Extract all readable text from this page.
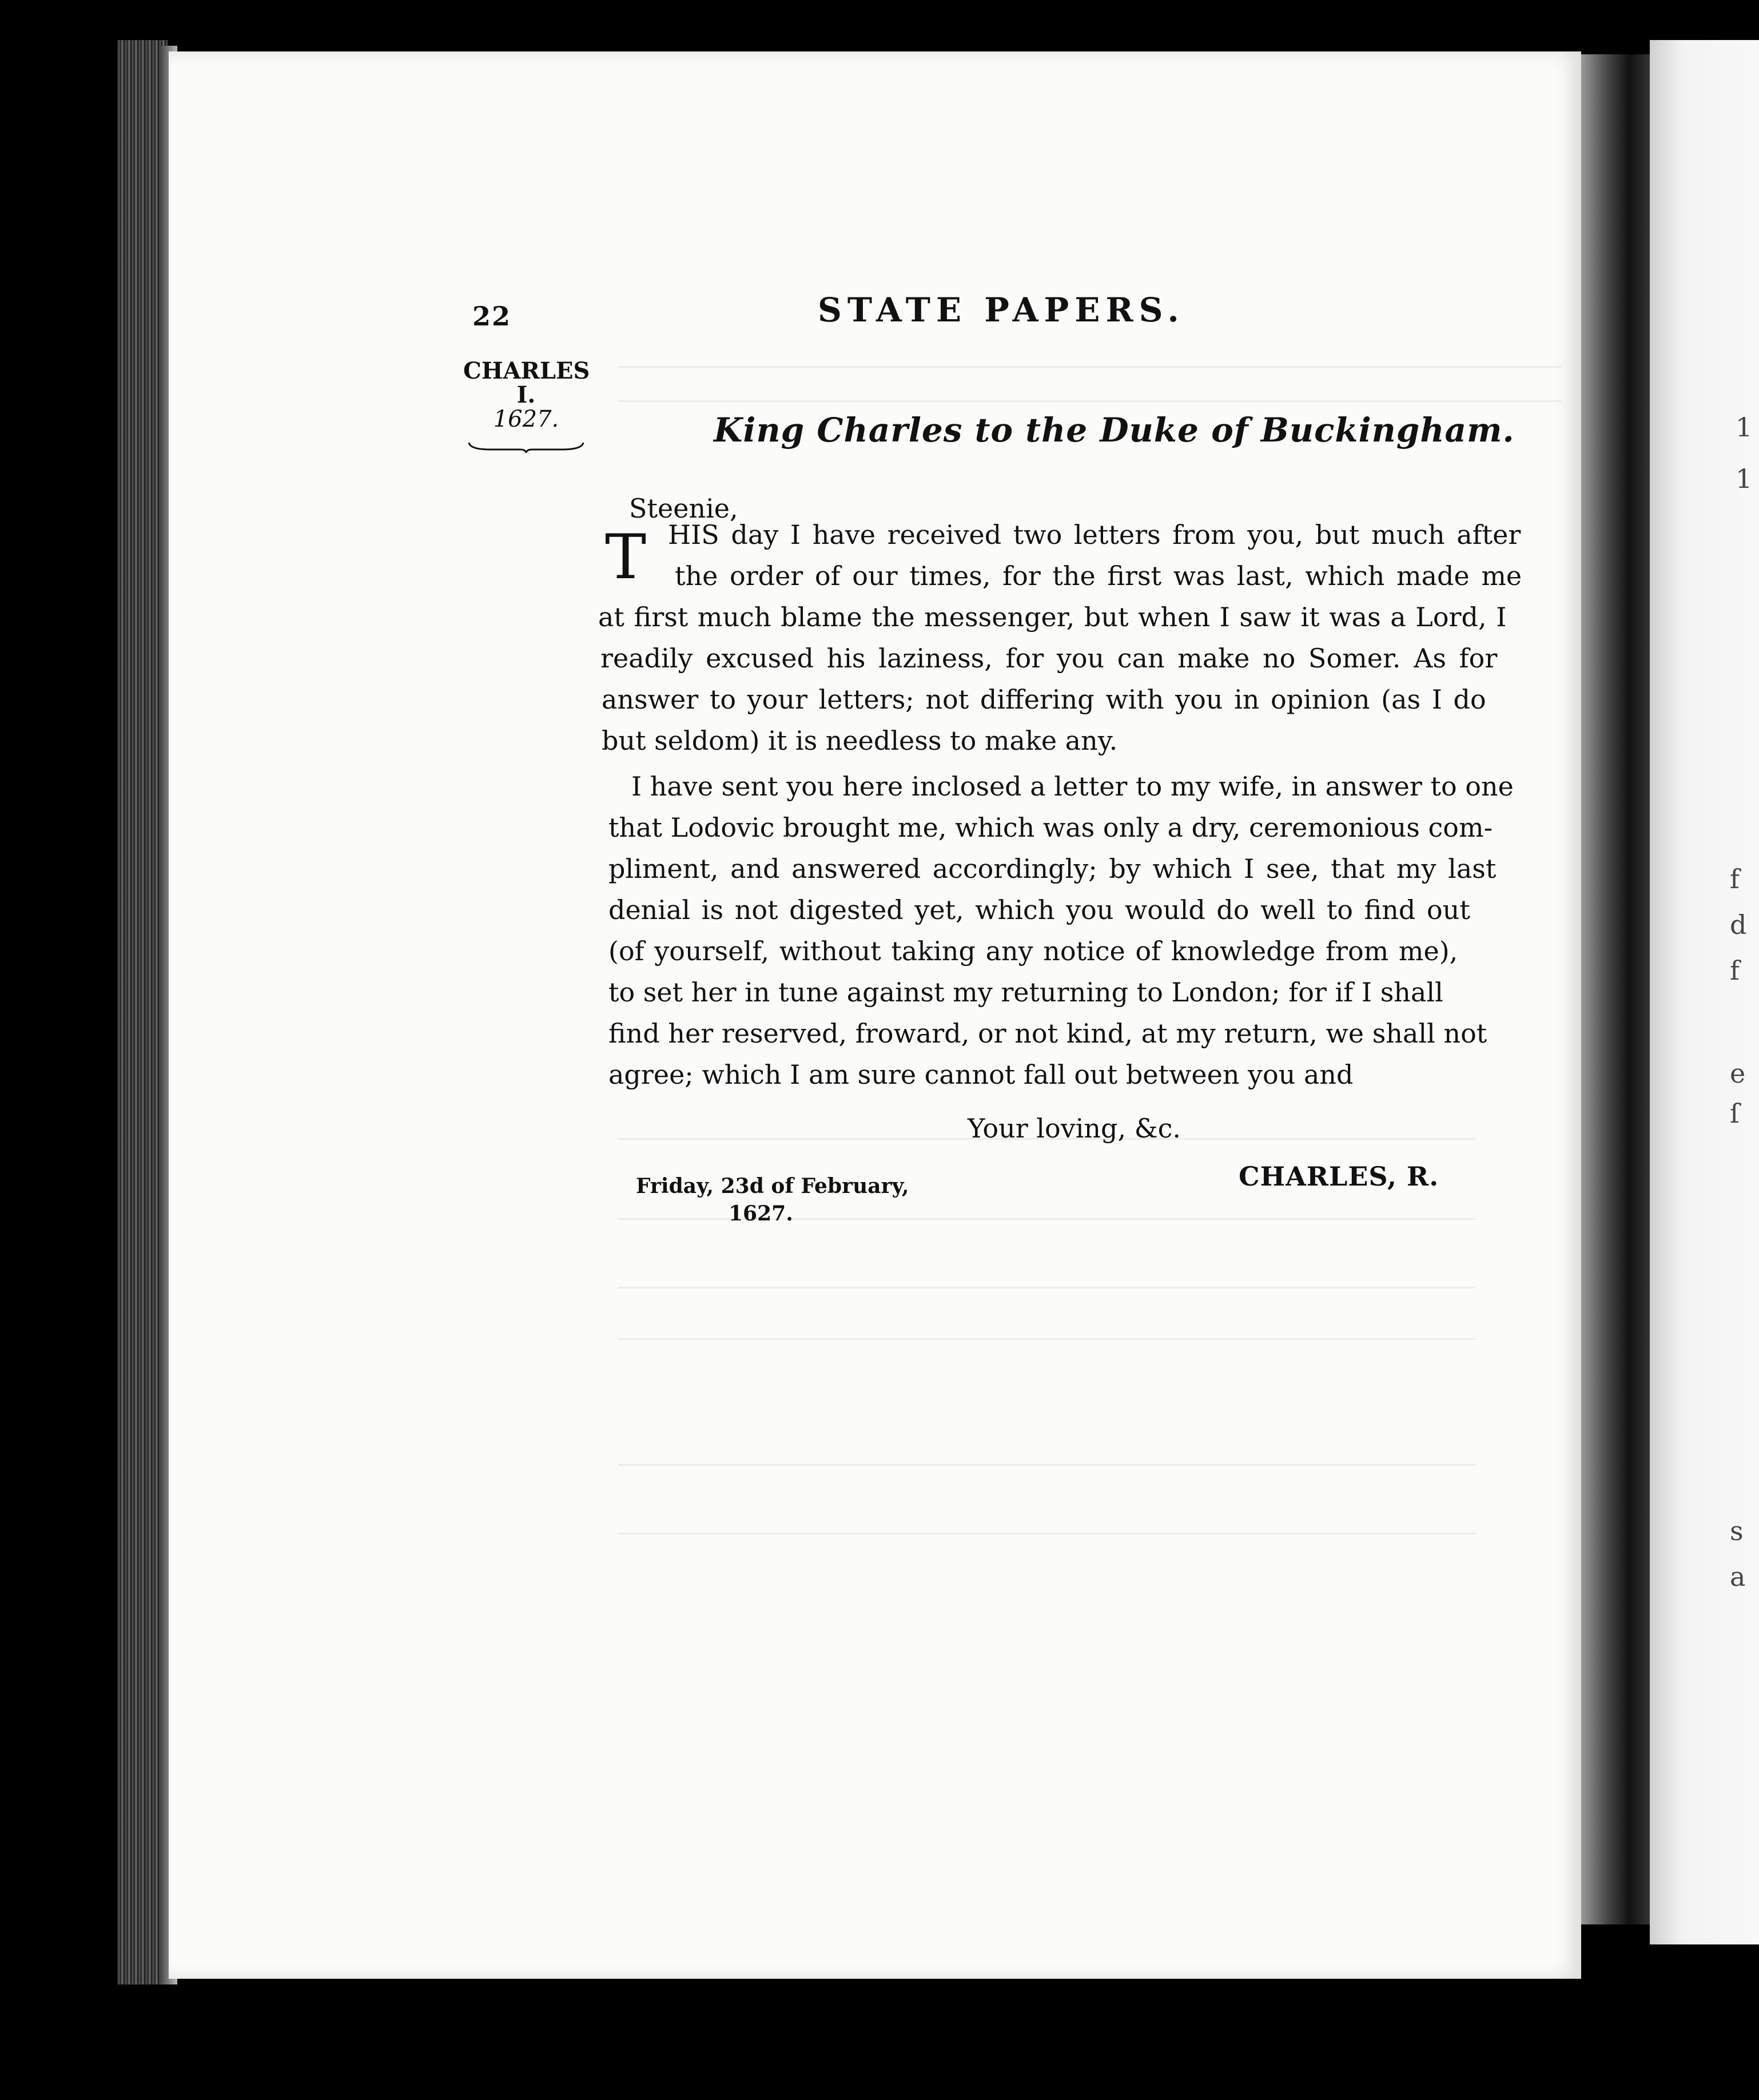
1
1
f
d
f
e
ſ
s
a
22	STATE PAPERS.
CHARLES
I.
1627.	King Charles to the Duke of Buckingham.
Steenie,
T HIS day I have received two letters from you, but much after
the order of our times, for the first was last, which made me
at first much blame the messenger, but when I saw it was a Lord, I
readily excused his laziness, for you can make no Somer. As for
answer to your letters; not differing with you in opinion (as I do
but seldom) it is needless to make any.
I have sent you here inclosed a letter to my wife, in answer to one
that Lodovic brought me, which was only a dry, ceremonious com-
pliment, and answered accordingly; by which I see, that my last
denial is not digested yet, which you would do well to find out
(of yourself, without taking any notice of knowledge from me),
to set her in tune against my returning to London; for if I shall
find her reserved, froward, or not kind, at my return, we shall not
agree; which I am sure cannot fall out between you and
Your loving, &c.
Friday, 23d of February,
1627.
CHARLES, R.
